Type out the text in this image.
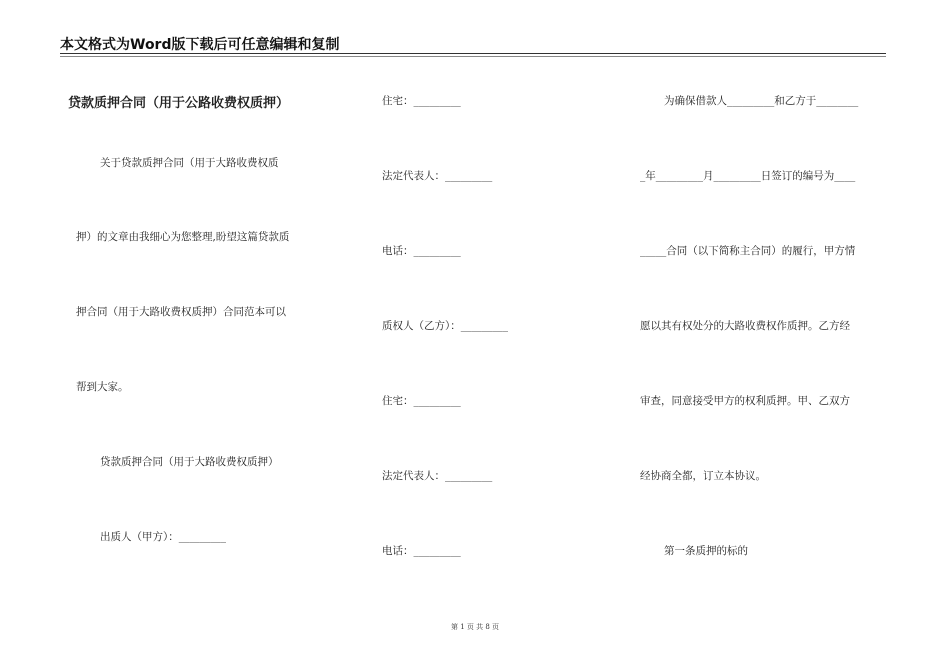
本文格式为Word版下载后可任意编辑和复制
贷款质押合同（用于公路收费权质押）
关于贷款质押合同（用于大路收费权质
押）的文章由我细心为您整理,盼望这篇贷款质
押合同（用于大路收费权质押）合同范本可以
帮到大家。
贷款质押合同（用于大路收费权质押）
出质人（甲方）：_________
住宅：_________
法定代表人：_________
电话：_________
质权人（乙方）：_________
住宅：_________
法定代表人：_________
电话：_________
为确保借款人_________和乙方于________
_年_________月_________日签订的编号为____
_____合同（以下简称主合同）的履行，甲方情
愿以其有权处分的大路收费权作质押。乙方经
审查，同意接受甲方的权利质押。甲、乙双方
经协商全都，订立本协议。
第一条质押的标的
第 1 页 共 8 页
